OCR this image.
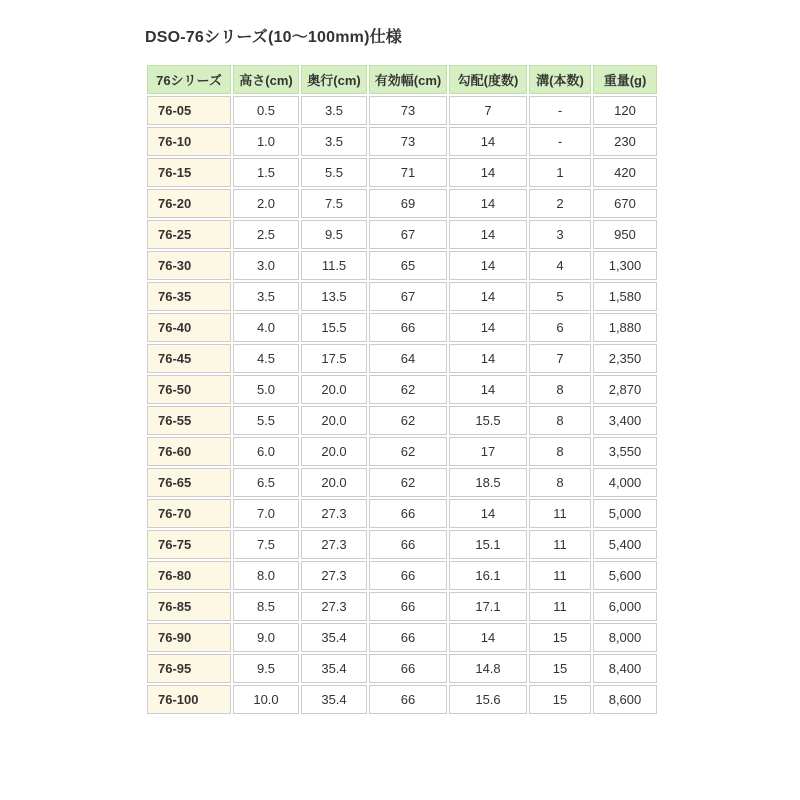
DSO-76シリーズ(10～100mm)仕様
76シリーズ	高さ(cm)	奥行(cm)	有効幅(cm)	勾配(度数)	溝(本数)	重量(g)
76-05	0.5	3.5	73	7	-	120
76-10	1.0	3.5	73	14	-	230
76-15	1.5	5.5	71	14	1	420
76-20	2.0	7.5	69	14	2	670
76-25	2.5	9.5	67	14	3	950
76-30	3.0	11.5	65	14	4	1,300
76-35	3.5	13.5	67	14	5	1,580
76-40	4.0	15.5	66	14	6	1,880
76-45	4.5	17.5	64	14	7	2,350
76-50	5.0	20.0	62	14	8	2,870
76-55	5.5	20.0	62	15.5	8	3,400
76-60	6.0	20.0	62	17	8	3,550
76-65	6.5	20.0	62	18.5	8	4,000
76-70	7.0	27.3	66	14	11	5,000
76-75	7.5	27.3	66	15.1	11	5,400
76-80	8.0	27.3	66	16.1	11	5,600
76-85	8.5	27.3	66	17.1	11	6,000
76-90	9.0	35.4	66	14	15	8,000
76-95	9.5	35.4	66	14.8	15	8,400
76-100	10.0	35.4	66	15.6	15	8,600
